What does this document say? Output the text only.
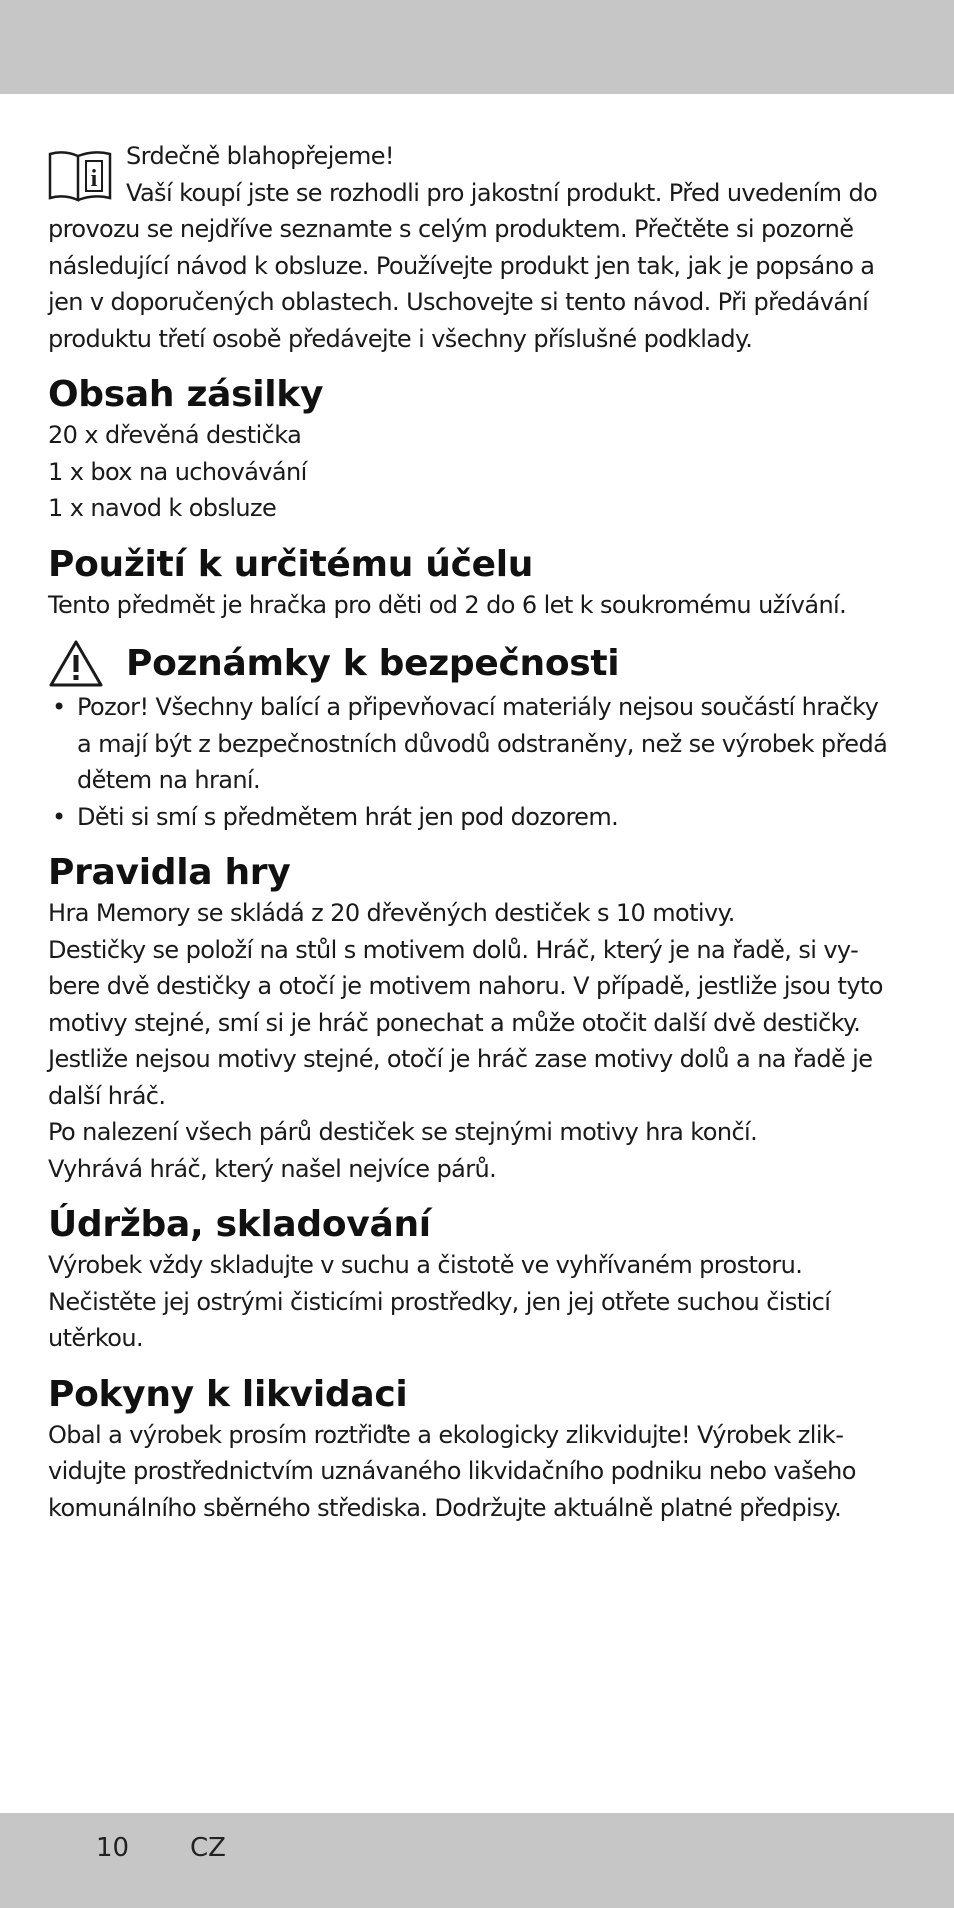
i

Srdečně blahopřejeme!

Vaší koupí jste se rozhodli pro jakostní produkt. Před uvedením do

provozu se nejdříve seznamte s celým produktem. Přečtěte si pozorně

následující návod k obsluze. Používejte produkt jen tak, jak je popsáno a

jen v doporučených oblastech. Uschovejte si tento návod. Při předávání

produktu třetí osobě předávejte i všechny příslušné podklady.

Obsah zásilky

20 x dřevěná destička

1 x box na uchovávání

1 x navod k obsluze

Použití k určitému účelu

Tento předmět je hračka pro děti od 2 do 6 let k soukromému užívání.

Poznámky k bezpečnosti
• Pozor! Všechny balící a připevňovací materiály nejsou součástí hračky
a mají být z bezpečnostních důvodů odstraněny, než se výrobek předá
dětem na hraní.
• Děti si smí s předmětem hrát jen pod dozorem.
Pravidla hry

Hra Memory se skládá z 20 dřevěných destiček s 10 motivy.

Destičky se položí na stůl s motivem dolů. Hráč, který je na řadě, si vy-

bere dvě destičky a otočí je motivem nahoru. V případě, jestliže jsou tyto

motivy stejné, smí si je hráč ponechat a může otočit další dvě destičky.

Jestliže nejsou motivy stejné, otočí je hráč zase motivy dolů a na řadě je

další hráč.

Po nalezení všech párů destiček se stejnými motivy hra končí.

Vyhrává hráč, který našel nejvíce párů.

Údržba, skladování

Výrobek vždy skladujte v suchu a čistotě ve vyhřívaném prostoru.

Nečistěte jej ostrými čisticími prostředky, jen jej otřete suchou čisticí

utěrkou.

Pokyny k likvidaci

Obal a výrobek prosím roztřiďte a ekologicky zlikvidujte! Výrobek zlik-

vidujte prostřednictvím uznávaného likvidačního podniku nebo vašeho

komunálního sběrného střediska. Dodržujte aktuálně platné předpisy.

10 CZ
